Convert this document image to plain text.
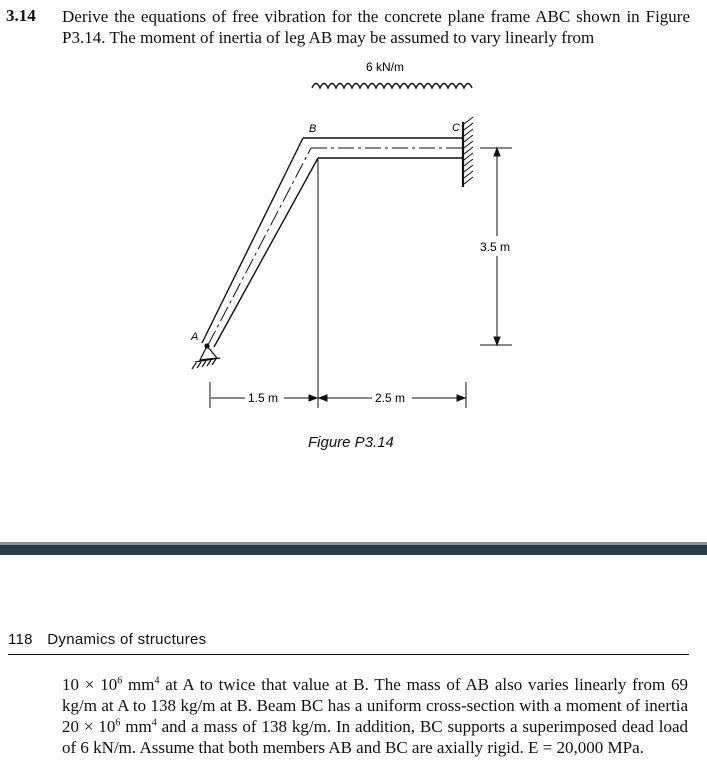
3.14 Derive the equations of free vibration for the concrete plane frame ABC shown in Figure P3.14. The moment of inertia of leg AB may be assumed to vary linearly from

6 kN/m
A
B	C
1.5 m	2.5 m
3.5 m
Figure P3.14
118 Dynamics of structures

$10 \times 10^6$ $mm^4$ at A to twice that value at B. The mass of AB also varies linearly from 69 kg/m at A to 138 kg/m at B. Beam BC has a uniform cross-section with a moment of inertia $20 \times 10^6$ $mm^4$ and a mass of 138 kg/m. In addition, BC supports a superimposed dead load of 6 kN/m. Assume that both members AB and BC are axially rigid. E = 20,000 MPa.
